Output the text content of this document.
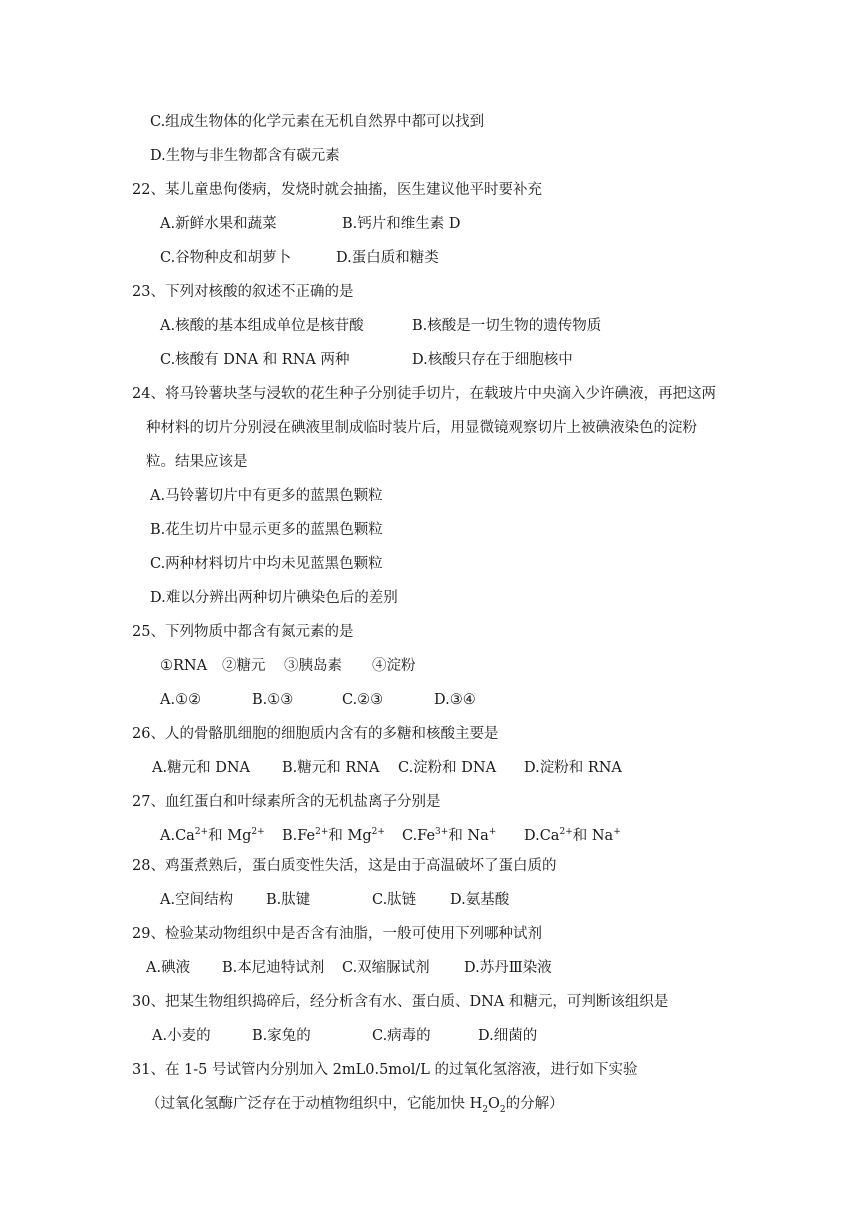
C.组成生物体的化学元素在无机自然界中都可以找到
D.生物与非生物都含有碳元素
22、某儿童患佝偻病，发烧时就会抽搐，医生建议他平时要补充
A.新鲜水果和蔬菜	B.钙片和维生素 D
C.谷物种皮和胡萝卜	D.蛋白质和糖类
23、下列对核酸的叙述不正确的是
A.核酸的基本组成单位是核苷酸	B.核酸是一切生物的遗传物质
C.核酸有 DNA 和 RNA 两种	D.核酸只存在于细胞核中
24、将马铃薯块茎与浸软的花生种子分别徒手切片，在载玻片中央滴入少许碘液，再把这两
种材料的切片分别浸在碘液里制成临时装片后，用显微镜观察切片上被碘液染色的淀粉
粒。结果应该是
A.马铃薯切片中有更多的蓝黑色颗粒
B.花生切片中显示更多的蓝黑色颗粒
C.两种材料切片中均未见蓝黑色颗粒
D.难以分辨出两种切片碘染色后的差别
25、下列物质中都含有氮元素的是
①RNA ②糖元 ③胰岛素 ④淀粉
A.①②	B.①③	C.②③	D.③④
26、人的骨骼肌细胞的细胞质内含有的多糖和核酸主要是
A.糖元和 DNA B.糖元和 RNA C.淀粉和 DNA D.淀粉和 RNA
27、血红蛋白和叶绿素所含的无机盐离子分别是
$A.Ca^{2+}$和 $Mg^{2+}$ $B.Fe^{2+}$和 $Mg^{2+}$ $C.Fe^{3+}$和 Na+ $D.Ca^{2+}$和 Na+
28、鸡蛋煮熟后，蛋白质变性失活，这是由于高温破坏了蛋白质的
A.空间结构 B.肽键	C.肽链 D.氨基酸
29、检验某动物组织中是否含有油脂，一般可使用下列哪种试剂
A.碘液 B.本尼迪特试剂 C.双缩脲试剂 D.苏丹Ⅲ染液
30、把某生物组织捣碎后，经分析含有水、蛋白质、DNA 和糖元，可判断该组织是
A.小麦的	B.家兔的	C.病毒的	D.细菌的
31、在 1-5 号试管内分别加入 2mL0.5mol/L 的过氧化氢溶液，进行如下实验
（过氧化氢酶广泛存在于动植物组织中，它能加快 $H_2O_2$的分解）
